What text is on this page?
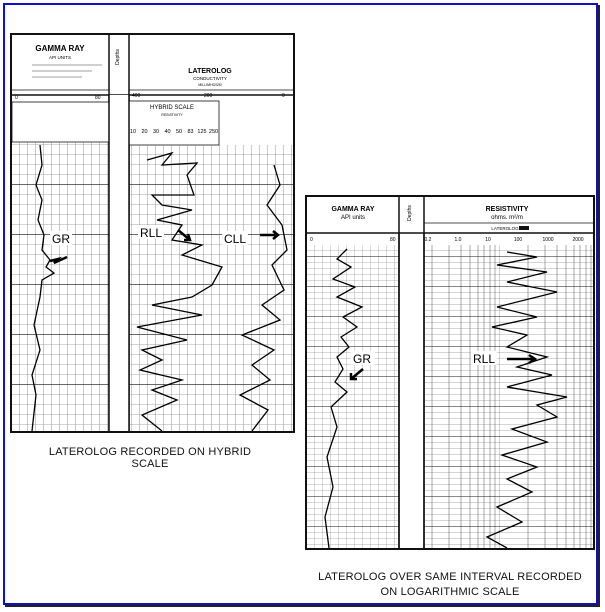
GAMMA RAY
API UNITS
0	80
Depths
LATEROLOG
CONDUCTIVITY
MILLIMHOS/M
400	200	0
HYBRID SCALE
RESISTIVITY
10 20 30 40 50 83 125 250
GR	RLL	CLL
LATEROLOG RECORDED ON HYBRID SCALE
GAMMA RAY
API units
0	80
Depths	RESISTIVITY
ohms. m²/m
LATEROLOG
0.2	1.0	10	100	1000	2000
GR	RLL
LATEROLOG OVER SAME INTERVAL RECORDED
ON LOGARITHMIC SCALE
